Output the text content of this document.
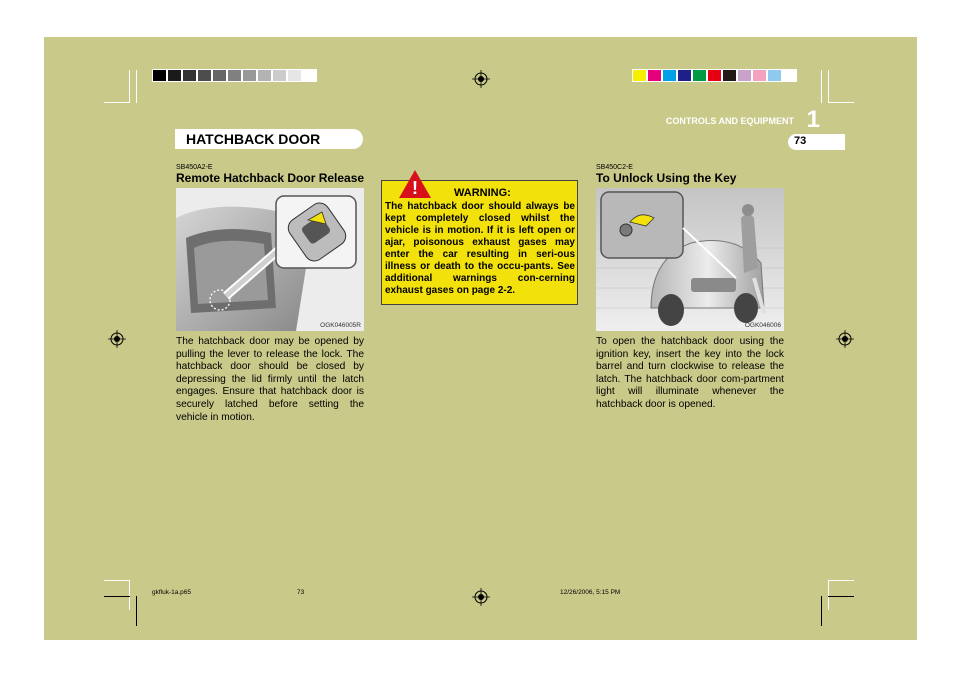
HATCHBACK DOOR
CONTROLS AND EQUIPMENT 1
73
SB450A2-E
Remote Hatchback Door Release
OGK046005R
The hatchback door may be opened by pulling the lever to release the lock. The hatchback door should be closed by depressing the lid firmly until the latch engages. Ensure that hatchback door is securely latched before setting the vehicle in motion.
!	WARNING:
The hatchback door should always be kept completely closed whilst the vehicle is in motion. If it is left open or ajar, poisonous exhaust gases may enter the car resulting in seri-ous illness or death to the occu-pants. See additional warnings con-cerning exhaust gases on page 2-2.
SB450C2-E
To Unlock Using the Key
OGK046006
To open the hatchback door using the ignition key, insert the key into the lock barrel and turn clockwise to release the latch. The hatchback door com-partment light will illuminate whenever the hatchback door is opened.
gkfluk-1a.p65	73	12/26/2006, 5:15 PM
